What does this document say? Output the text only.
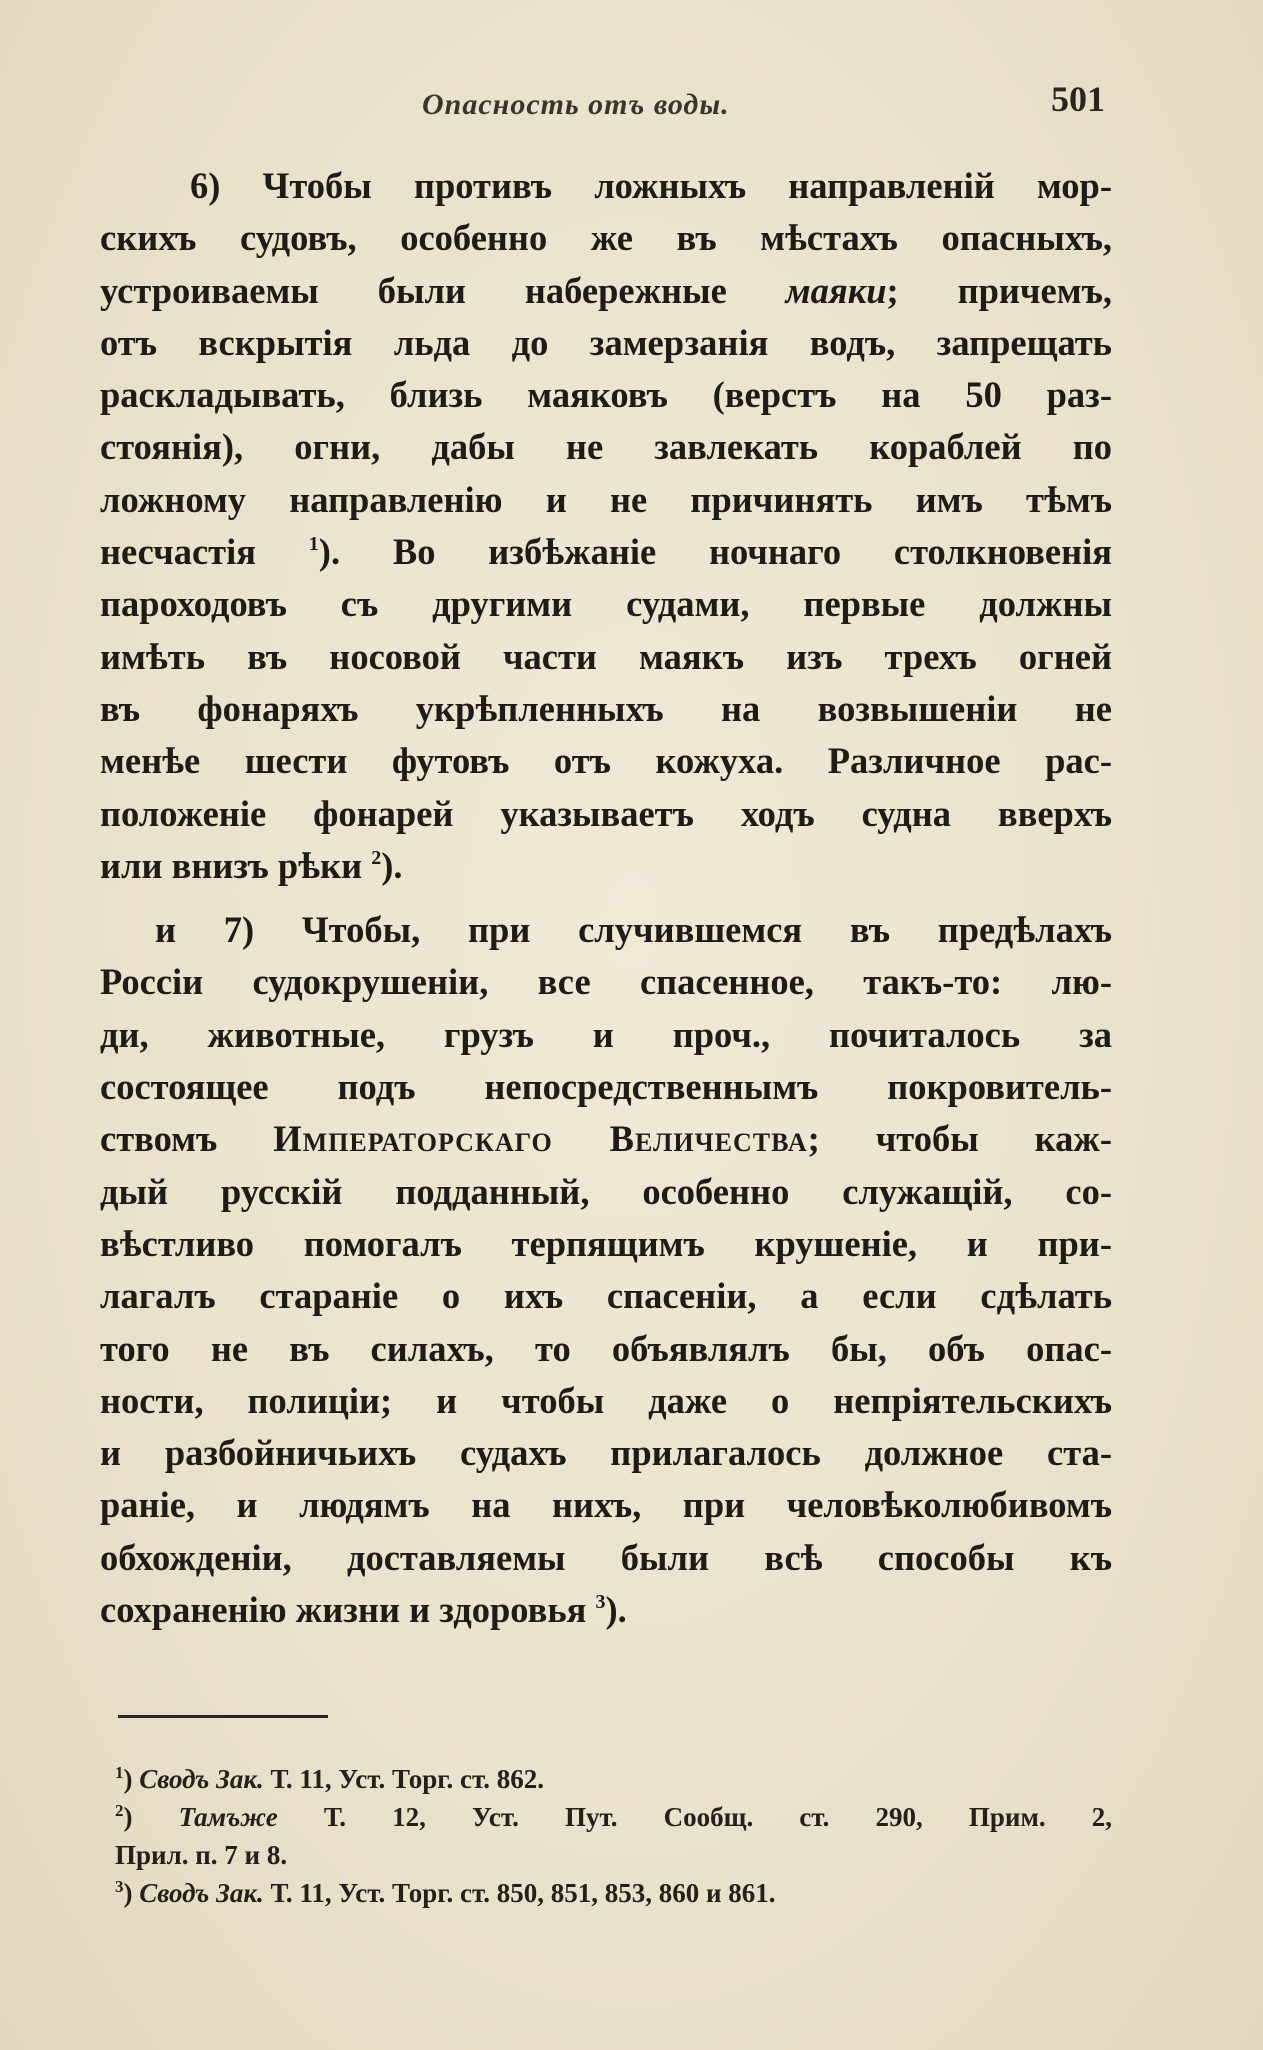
Опасность отъ воды.	501

6) Чтобы противъ ложныхъ направленій мор-
скихъ судовъ, особенно же въ мѣстахъ опасныхъ,
устроиваемы были набережные маяки; причемъ,
отъ вскрытія льда до замерзанія водъ, запрещать
раскладывать, близь маяковъ (верстъ на 50 раз-
стоянія), огни, дабы не завлекать кораблей по
ложному направленію и не причинять имъ тѣмъ
несчастія $^1$). Во избѣжаніе ночнаго столкновенія
пароходовъ съ другими судами, первые должны
имѣть въ носовой части маякъ изъ трехъ огней
въ фонаряхъ укрѣпленныхъ на возвышеніи не
менѣе шести футовъ отъ кожуха. Различное рас-
положеніе фонарей указываетъ ходъ судна вверхъ
или внизъ рѣки $^2$).

и 7) Чтобы, при случившемся въ предѣлахъ
Россіи судокрушеніи, все спасенное, такъ-то: лю-
ди, животные, грузъ и проч., почиталось за
состоящее подъ непосредственнымъ покровитель-
ствомъ Императорскаго Величества; чтобы каж-
дый русскій подданный, особенно служащій, со-
вѣстливо помогалъ терпящимъ крушеніе, и при-
лагалъ стараніе о ихъ спасеніи, а если сдѣлать
того не въ силахъ, то объявлялъ бы, объ опас-
ности, полиціи; и чтобы даже о непріятельскихъ
и разбойничьихъ судахъ прилагалось должное ста-
раніе, и людямъ на нихъ, при человѣколюбивомъ
обхожденіи, доставляемы были всѣ способы къ
сохраненію жизни и здоровья $^3$).

$^1$) Сводъ Зак. Т. 11, Уст. Торг. ст. 862.
$^2$) Тамъже Т. 12, Уст. Пут. Сообщ. ст. 290, Прим. 2,
Прил. п. 7 и 8.
$^3$) Сводъ Зак. Т. 11, Уст. Торг. ст. 850, 851, 853, 860 и 861.
